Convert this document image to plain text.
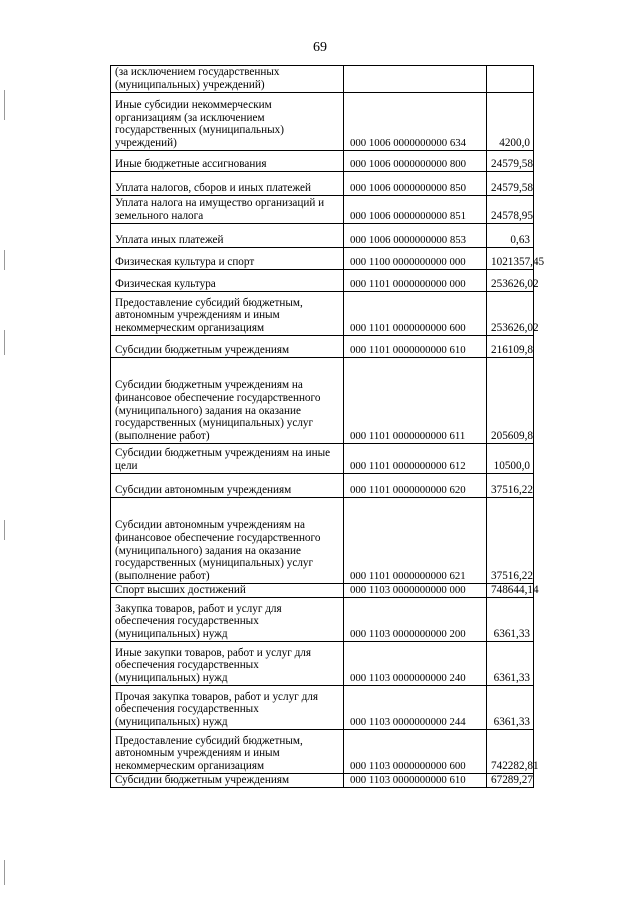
69
(за исключением государственных (муниципальных) учреждений)		
Иные субсидии некоммерческим организациям (за исключением государственных (муниципальных) учреждений)	000 1006 0000000000 634	4200,0
Иные бюджетные ассигнования	000 1006 0000000000 800	24579,58
Уплата налогов, сборов и иных платежей	000 1006 0000000000 850	24579,58
Уплата налога на имущество организаций и земельного налога	000 1006 0000000000 851	24578,95
Уплата иных платежей	000 1006 0000000000 853	0,63
Физическая культура и спорт	000 1100 0000000000 000	1021357,45
Физическая культура	000 1101 0000000000 000	253626,02
Предоставление субсидий бюджетным, автономным учреждениям и иным некоммерческим организациям	000 1101 0000000000 600	253626,02
Субсидии бюджетным учреждениям	000 1101 0000000000 610	216109,8
Субсидии бюджетным учреждениям на финансовое обеспечение государственного (муниципального) задания на оказание государственных (муниципальных) услуг (выполнение работ)	000 1101 0000000000 611	205609,8
Субсидии бюджетным учреждениям на иные цели	000 1101 0000000000 612	10500,0
Субсидии автономным учреждениям	000 1101 0000000000 620	37516,22
Субсидии автономным учреждениям на финансовое обеспечение государственного (муниципального) задания на оказание государственных (муниципальных) услуг (выполнение работ)	000 1101 0000000000 621	37516,22
Спорт высших достижений	000 1103 0000000000 000	748644,14
Закупка товаров, работ и услуг для обеспечения государственных (муниципальных) нужд	000 1103 0000000000 200	6361,33
Иные закупки товаров, работ и услуг для обеспечения государственных (муниципальных) нужд	000 1103 0000000000 240	6361,33
Прочая закупка товаров, работ и услуг для обеспечения государственных (муниципальных) нужд	000 1103 0000000000 244	6361,33
Предоставление субсидий бюджетным, автономным учреждениям и иным некоммерческим организациям	000 1103 0000000000 600	742282,81
Субсидии бюджетным учреждениям	000 1103 0000000000 610	67289,27
